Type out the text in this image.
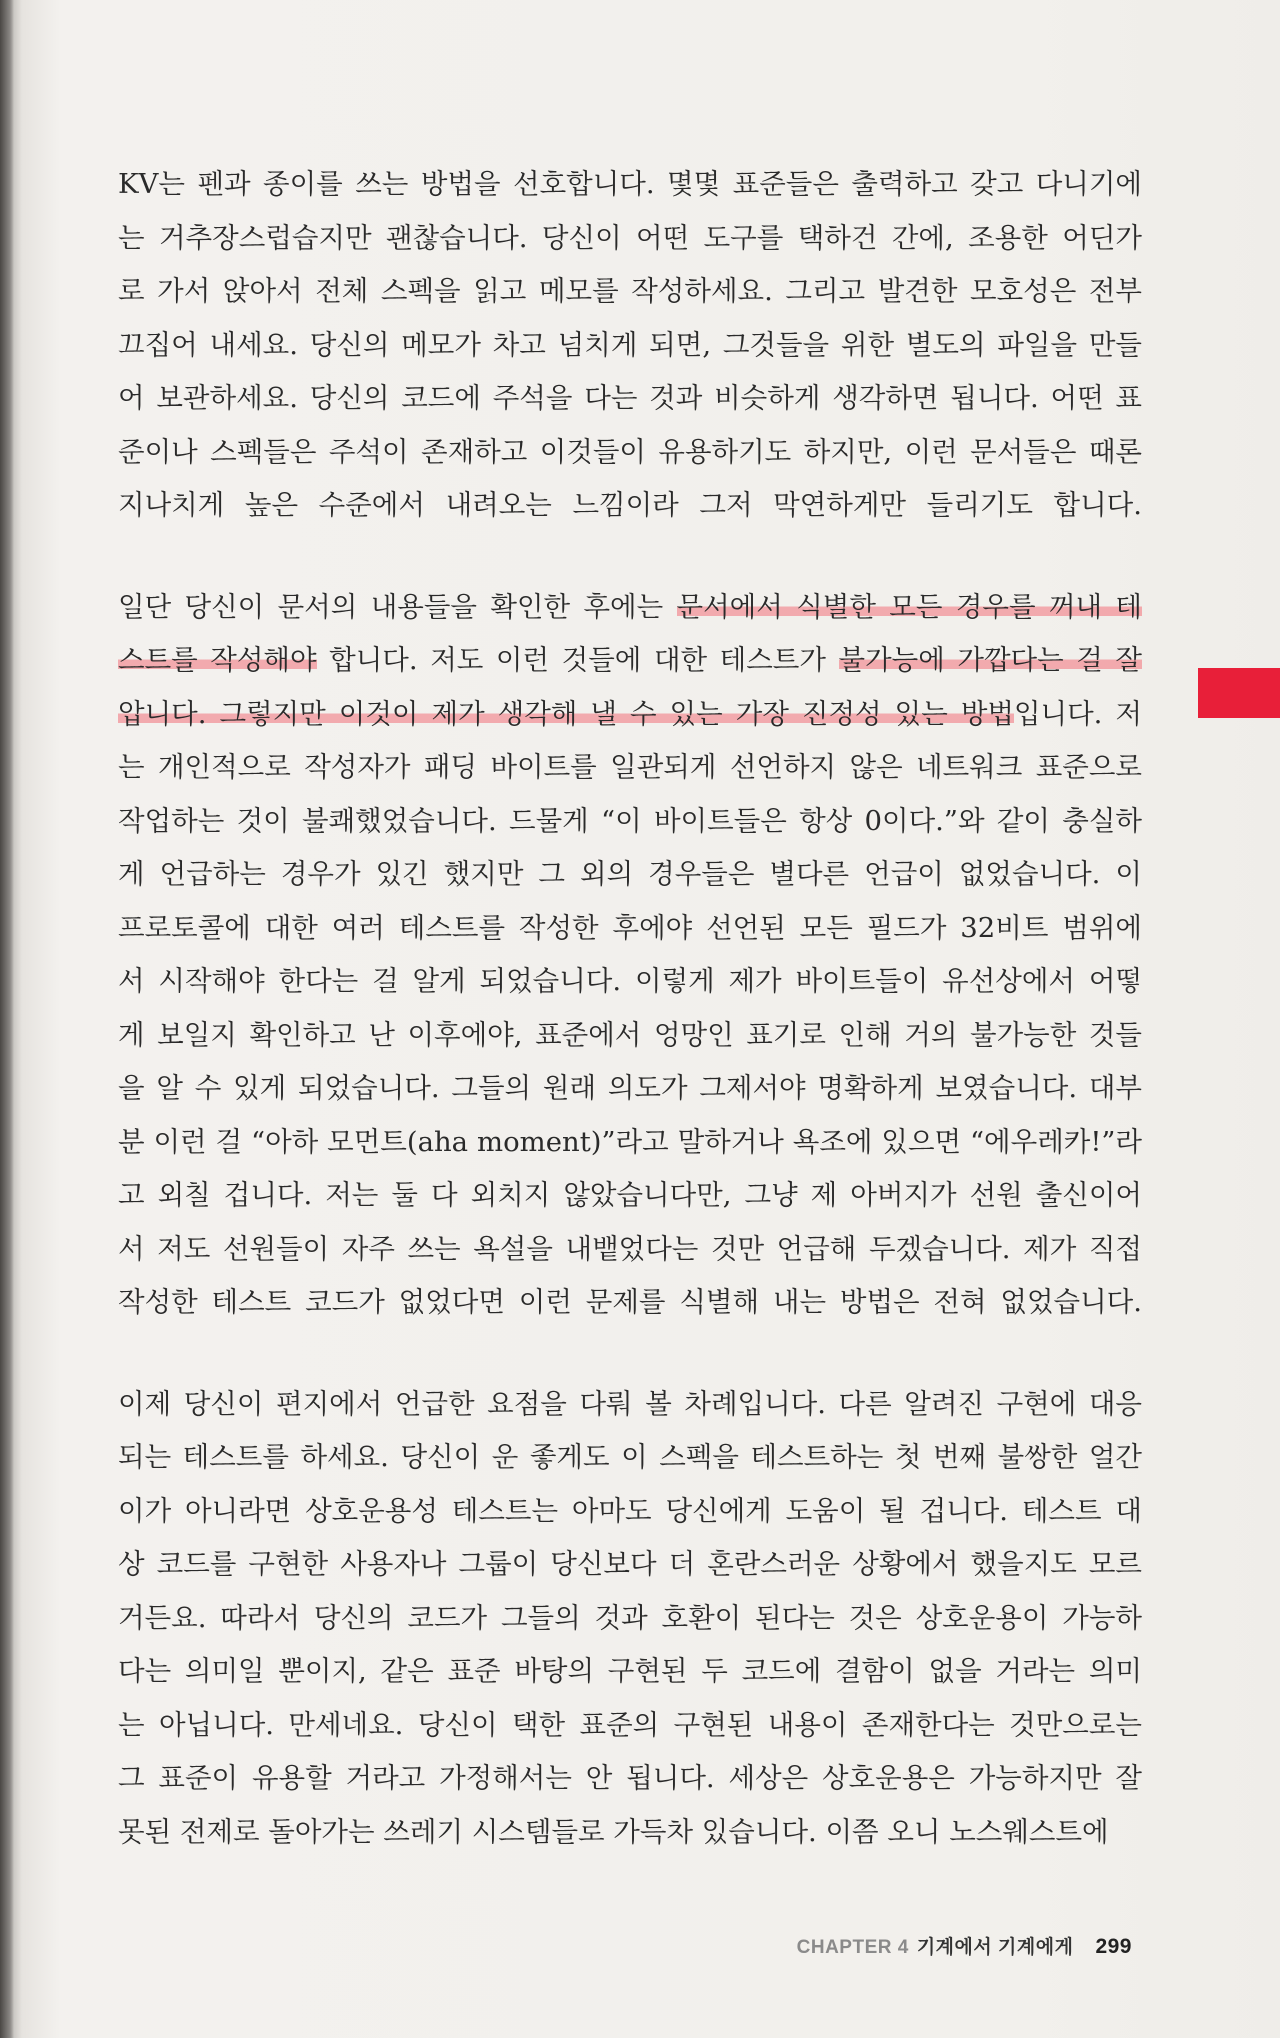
KV는 펜과 종이를 쓰는 방법을 선호합니다. 몇몇 표준들은 출력하고 갖고 다니기에
는 거추장스럽습지만 괜찮습니다. 당신이 어떤 도구를 택하건 간에, 조용한 어딘가
로 가서 앉아서 전체 스펙을 읽고 메모를 작성하세요. 그리고 발견한 모호성은 전부
끄집어 내세요. 당신의 메모가 차고 넘치게 되면, 그것들을 위한 별도의 파일을 만들
어 보관하세요. 당신의 코드에 주석을 다는 것과 비슷하게 생각하면 됩니다. 어떤 표
준이나 스펙들은 주석이 존재하고 이것들이 유용하기도 하지만, 이런 문서들은 때론
지나치게 높은 수준에서 내려오는 느낌이라 그저 막연하게만 들리기도 합니다.
일단 당신이 문서의 내용들을 확인한 후에는 문서에서 식별한 모든 경우를 꺼내 테
스트를 작성해야 합니다. 저도 이런 것들에 대한 테스트가 불가능에 가깝다는 걸 잘
압니다. 그렇지만 이것이 제가 생각해 낼 수 있는 가장 진정성 있는 방법입니다. 저
는 개인적으로 작성자가 패딩 바이트를 일관되게 선언하지 않은 네트워크 표준으로
작업하는 것이 불쾌했었습니다. 드물게 “이 바이트들은 항상 0이다.”와 같이 충실하
게 언급하는 경우가 있긴 했지만 그 외의 경우들은 별다른 언급이 없었습니다. 이
프로토콜에 대한 여러 테스트를 작성한 후에야 선언된 모든 필드가 32비트 범위에
서 시작해야 한다는 걸 알게 되었습니다. 이렇게 제가 바이트들이 유선상에서 어떻
게 보일지 확인하고 난 이후에야, 표준에서 엉망인 표기로 인해 거의 불가능한 것들
을 알 수 있게 되었습니다. 그들의 원래 의도가 그제서야 명확하게 보였습니다. 대부
분 이런 걸 “아하 모먼트(aha moment)”라고 말하거나 욕조에 있으면 “에우레카!”라
고 외칠 겁니다. 저는 둘 다 외치지 않았습니다만, 그냥 제 아버지가 선원 출신이어
서 저도 선원들이 자주 쓰는 욕설을 내뱉었다는 것만 언급해 두겠습니다. 제가 직접
작성한 테스트 코드가 없었다면 이런 문제를 식별해 내는 방법은 전혀 없었습니다.
이제 당신이 편지에서 언급한 요점을 다뤄 볼 차례입니다. 다른 알려진 구현에 대응
되는 테스트를 하세요. 당신이 운 좋게도 이 스펙을 테스트하는 첫 번째 불쌍한 얼간
이가 아니라면 상호운용성 테스트는 아마도 당신에게 도움이 될 겁니다. 테스트 대
상 코드를 구현한 사용자나 그룹이 당신보다 더 혼란스러운 상황에서 했을지도 모르
거든요. 따라서 당신의 코드가 그들의 것과 호환이 된다는 것은 상호운용이 가능하
다는 의미일 뿐이지, 같은 표준 바탕의 구현된 두 코드에 결함이 없을 거라는 의미
는 아닙니다. 만세네요. 당신이 택한 표준의 구현된 내용이 존재한다는 것만으로는
그 표준이 유용할 거라고 가정해서는 안 됩니다. 세상은 상호운용은 가능하지만 잘
못된 전제로 돌아가는 쓰레기 시스템들로 가득차 있습니다. 이쯤 오니 노스웨스트에
CHAPTER 4 기계에서 기계에게 299
